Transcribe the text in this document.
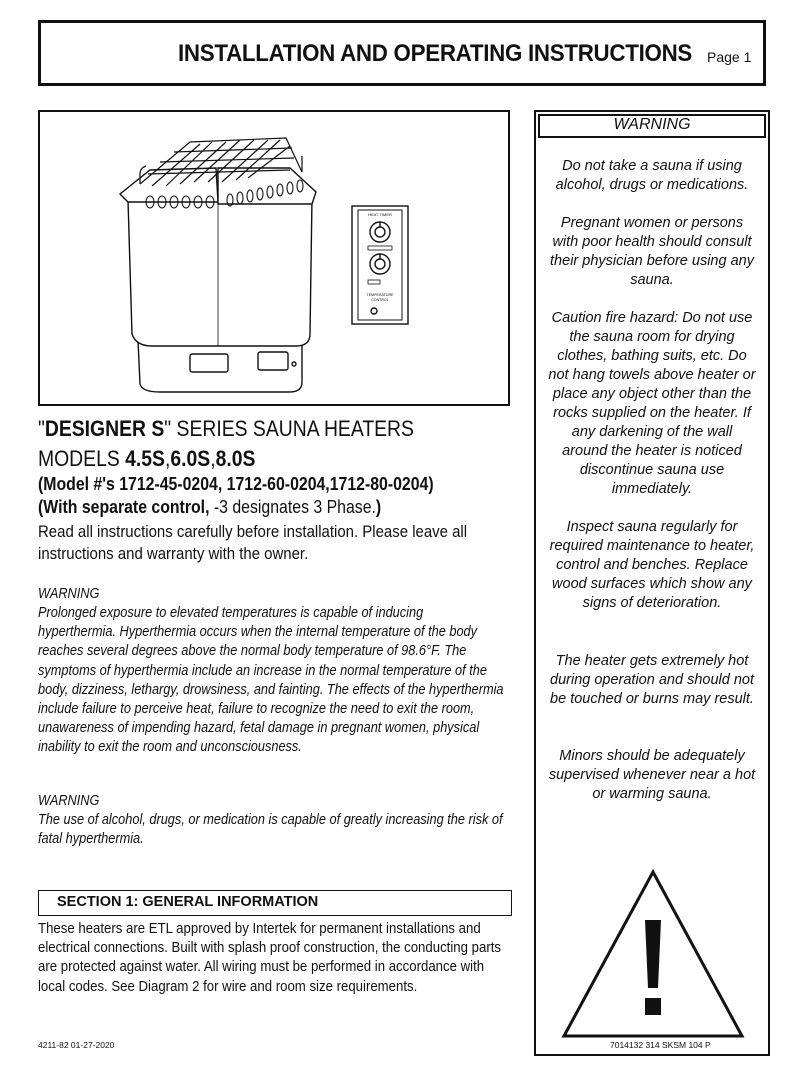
INSTALLATION AND OPERATING INSTRUCTIONS Page 1
HEAT TIMER
TEMPERATURE
CONTROL
"DESIGNER S" SERIES SAUNA HEATERS
MODELS 4.5S,6.0S,8.0S
(Model #'s 1712-45-0204, 1712-60-0204,1712-80-0204)
(With separate control, -3 designates 3 Phase.)
Read all instructions carefully before installation. Please leave all instructions and warranty with the owner.
WARNING
Prolonged exposure to elevated temperatures is capable of inducing hyperthermia. Hyperthermia occurs when the internal temperature of the body reaches several degrees above the normal body temperature of 98.6°F. The symptoms of hyperthermia include an increase in the normal temperature of the body, dizziness, lethargy, drowsiness, and fainting. The effects of the hyperthermia include failure to perceive heat, failure to recognize the need to exit the room, unawareness of impending hazard, fetal damage in pregnant women, physical inability to exit the room and unconsciousness.
WARNING
The use of alcohol, drugs, or medication is capable of greatly increasing the risk of fatal hyperthermia.
SECTION 1: GENERAL INFORMATION
These heaters are ETL approved by Intertek for permanent installations and electrical connections. Built with splash proof construction, the conducting parts are protected against water. All wiring must be performed in accordance with local codes. See Diagram 2 for wire and room size requirements.
WARNING
Do not take a sauna if using alcohol, drugs or medications.
Pregnant women or persons with poor health should consult their physician before using any sauna.
Caution fire hazard: Do not use the sauna room for drying clothes, bathing suits, etc. Do not hang towels above heater or place any object other than the rocks supplied on the heater. If any darkening of the wall around the heater is noticed discontinue sauna use immediately.
Inspect sauna regularly for required maintenance to heater, control and benches. Replace wood surfaces which show any signs of deterioration.
The heater gets extremely hot during operation and should not be touched or burns may result.
Minors should be adequately supervised whenever near a hot or warming sauna.
4211-82 01-27-2020	7014132 314 SKSM 104 P
